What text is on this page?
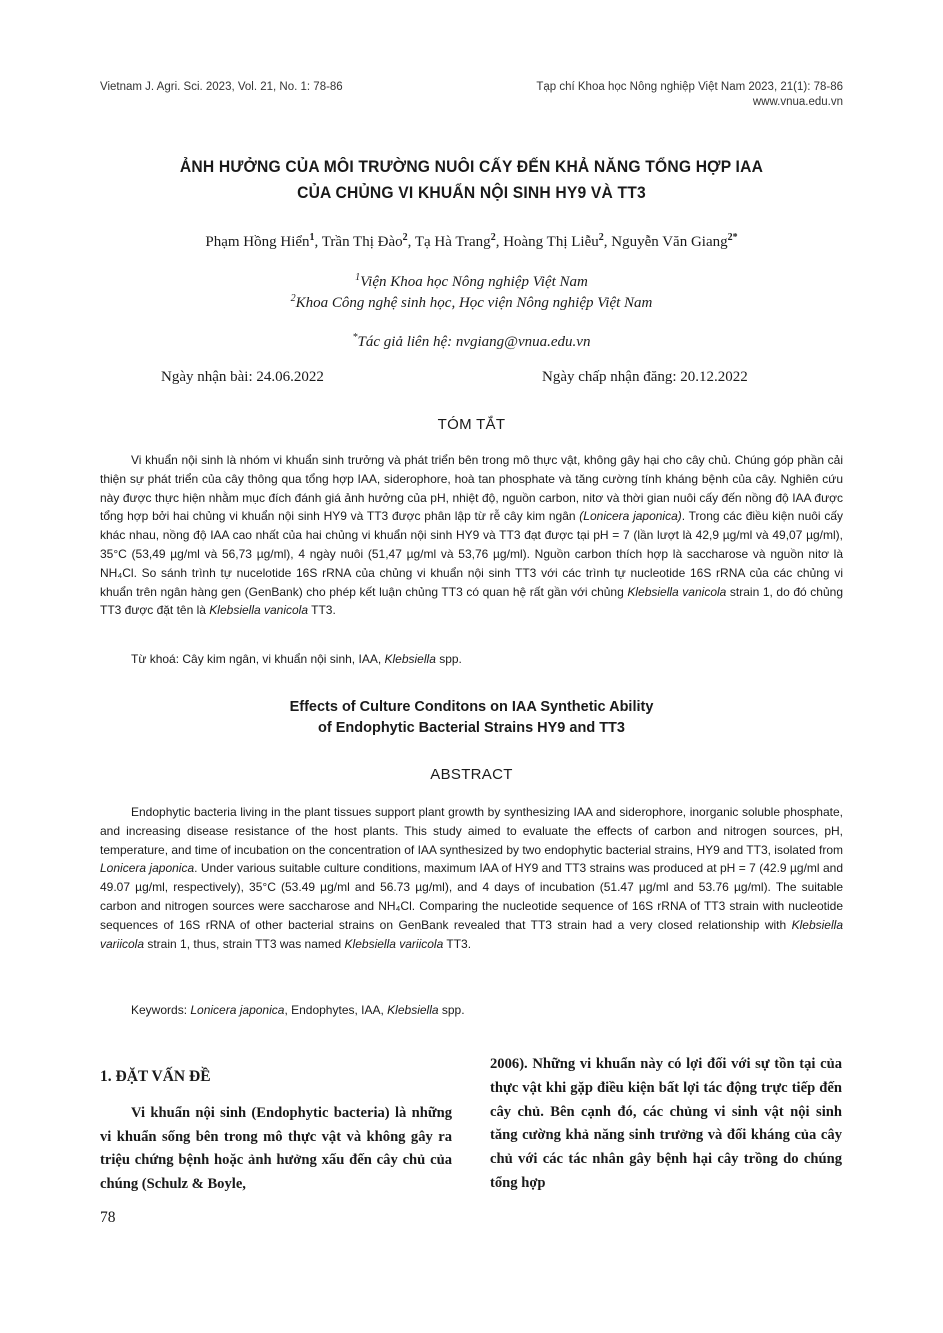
Vietnam J. Agri. Sci. 2023, Vol. 21, No. 1: 78-86	Tạp chí Khoa học Nông nghiệp Việt Nam 2023, 21(1): 78-86
www.vnua.edu.vn
ẢNH HƯỞNG CỦA MÔI TRƯỜNG NUÔI CẤY ĐẾN KHẢ NĂNG TỔNG HỢP IAA
CỦA CHỦNG VI KHUẨN NỘI SINH HY9 VÀ TT3
Phạm Hồng Hiển$^1$, Trần Thị Đào$^2$, Tạ Hà Trang$^2$, Hoàng Thị Liễu$^2$, Nguyễn Văn Giang$^{2*}$
$^1$Viện Khoa học Nông nghiệp Việt Nam
$^2$Khoa Công nghệ sinh học, Học viện Nông nghiệp Việt Nam
*Tác giả liên hệ: nvgiang@vnua.edu.vn
Ngày nhận bài: 24.06.2022	Ngày chấp nhận đăng: 20.12.2022
TÓM TẮT

Vi khuẩn nội sinh là nhóm vi khuẩn sinh trưởng và phát triển bên trong mô thực vật, không gây hại cho cây chủ. Chúng góp phần cải thiện sự phát triển của cây thông qua tổng hợp IAA, siderophore, hoà tan phosphate và tăng cường tính kháng bệnh của cây. Nghiên cứu này được thực hiện nhằm mục đích đánh giá ảnh hưởng của pH, nhiệt độ, nguồn carbon, nitơ và thời gian nuôi cấy đến nồng độ IAA được tổng hợp bởi hai chủng vi khuẩn nội sinh HY9 và TT3 được phân lập từ rễ cây kim ngân (Lonicera japonica). Trong các điều kiện nuôi cấy khác nhau, nồng độ IAA cao nhất của hai chủng vi khuẩn nội sinh HY9 và TT3 đạt được tại pH = 7 (lần lượt là 42,9 µg/ml và 49,07 µg/ml), 35°C (53,49 µg/ml và 56,73 µg/ml), 4 ngày nuôi (51,47 µg/ml và 53,76 µg/ml). Nguồn carbon thích hợp là saccharose và nguồn nitơ là NH₄Cl. So sánh trình tự nucelotide 16S rRNA của chủng vi khuẩn nội sinh TT3 với các trình tự nucleotide 16S rRNA của các chủng vi khuẩn trên ngân hàng gen (GenBank) cho phép kết luận chủng TT3 có quan hệ rất gần với chủng Klebsiella vanicola strain 1, do đó chủng TT3 được đặt tên là Klebsiella vanicola TT3.

Từ khoá: Cây kim ngân, vi khuẩn nội sinh, IAA, Klebsiella spp.
Effects of Culture Conditons on IAA Synthetic Ability
of Endophytic Bacterial Strains HY9 and TT3
ABSTRACT

Endophytic bacteria living in the plant tissues support plant growth by synthesizing IAA and siderophore, inorganic soluble phosphate, and increasing disease resistance of the host plants. This study aimed to evaluate the effects of carbon and nitrogen sources, pH, temperature, and time of incubation on the concentration of IAA synthesized by two endophytic bacterial strains, HY9 and TT3, isolated from Lonicera japonica. Under various suitable culture conditions, maximum IAA of HY9 and TT3 strains was produced at pH = 7 (42.9 µg/ml and 49.07 µg/ml, respectively), 35°C (53.49 µg/ml and 56.73 µg/ml), and 4 days of incubation (51.47 µg/ml and 53.76 µg/ml). The suitable carbon and nitrogen sources were saccharose and NH₄Cl. Comparing the nucleotide sequence of 16S rRNA of TT3 strain with nucleotide sequences of 16S rRNA of other bacterial strains on GenBank revealed that TT3 strain had a very closed relationship with Klebsiella variicola strain 1, thus, strain TT3 was named Klebsiella variicola TT3.

Keywords: Lonicera japonica, Endophytes, IAA, Klebsiella spp.

1. ĐẶT VẤN ĐỀ

Vi khuẩn nội sinh (Endophytic bacteria) là những vi khuẩn sống bên trong mô thực vật và không gây ra triệu chứng bệnh hoặc ảnh hưởng xấu đến cây chủ của chúng (Schulz & Boyle,

2006). Những vi khuẩn này có lợi đối với sự tồn tại của thực vật khi gặp điều kiện bất lợi tác động trực tiếp đến cây chủ. Bên cạnh đó, các chủng vi sinh vật nội sinh tăng cường khả năng sinh trưởng và đối kháng của cây chủ với các tác nhân gây bệnh hại cây trồng do chúng tổng hợp

78
